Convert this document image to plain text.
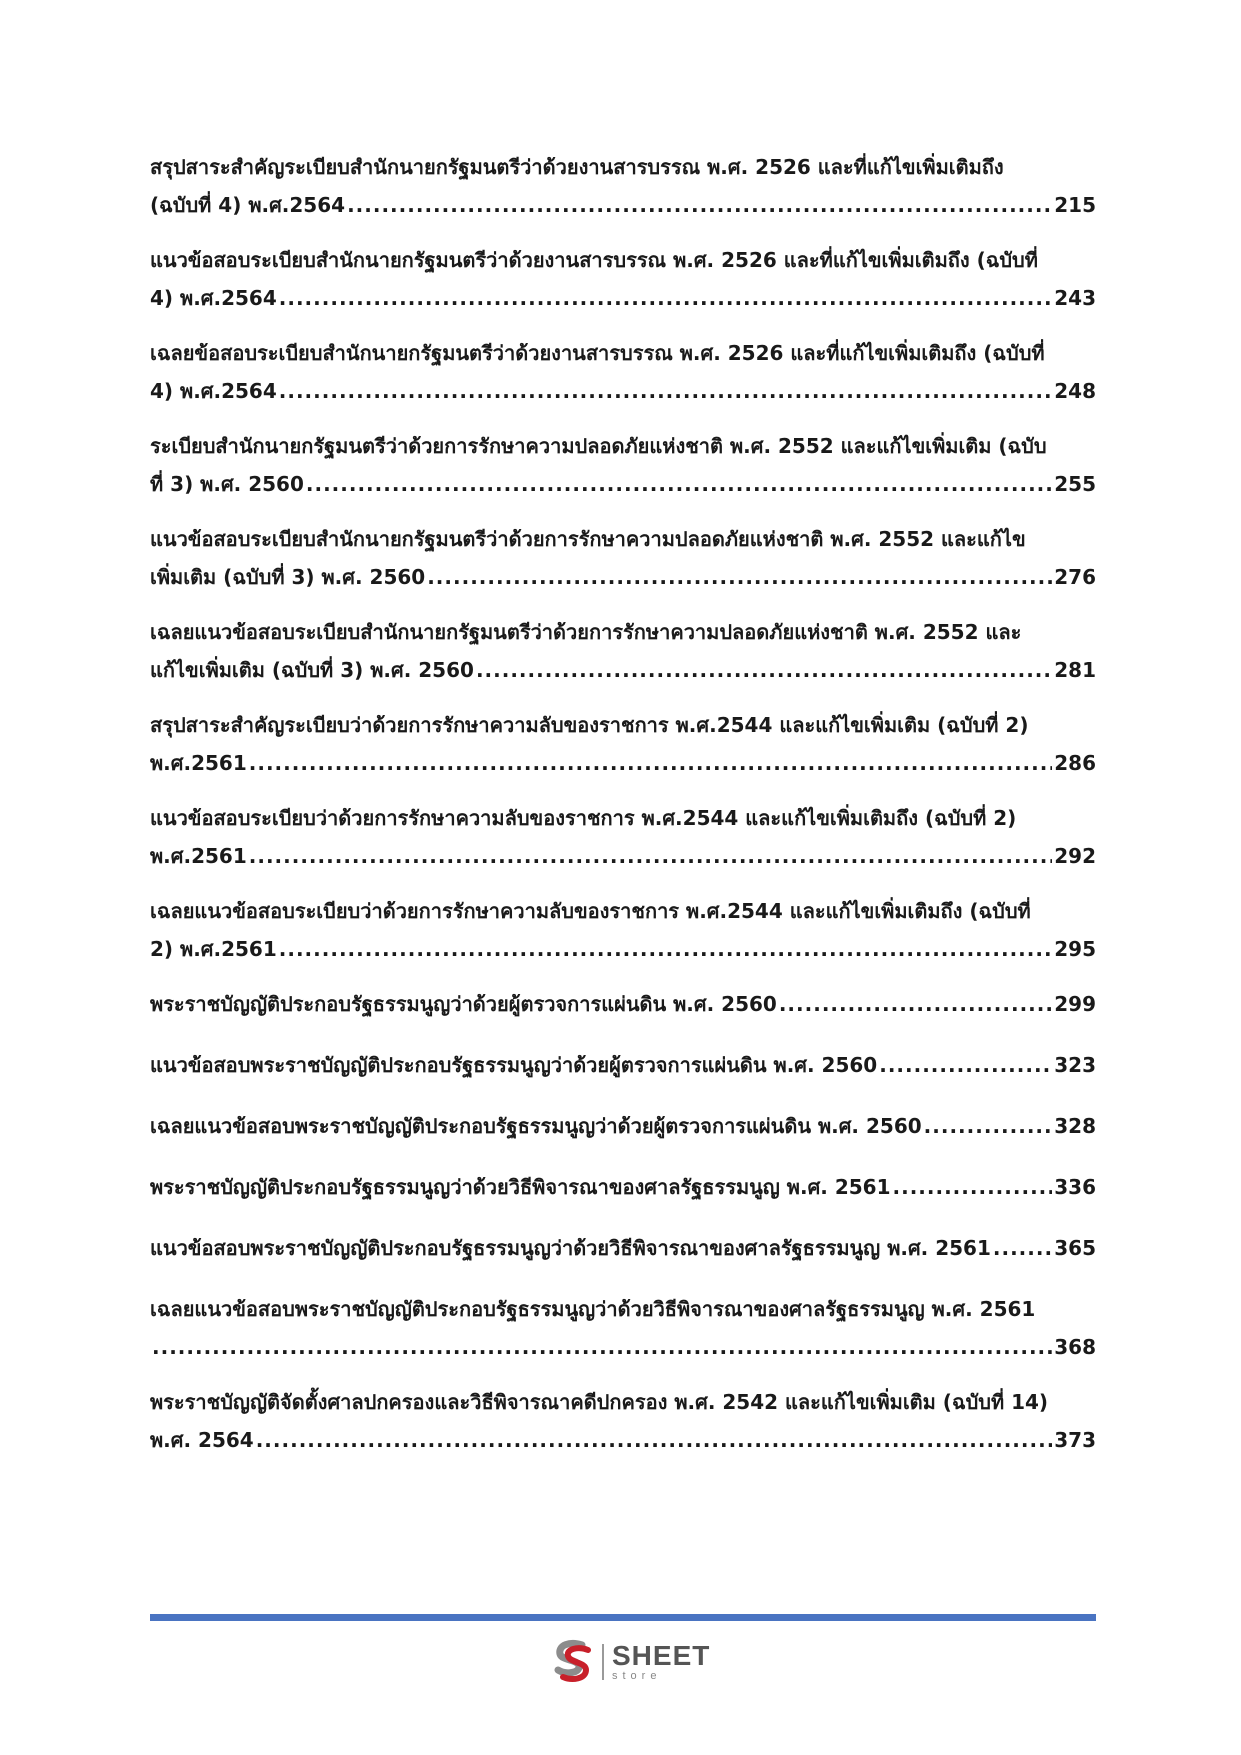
สรุปสาระสำคัญระเบียบสำนักนายกรัฐมนตรีว่าด้วยงานสารบรรณ พ.ศ. 2526 และที่แก้ไขเพิ่มเติมถึง
(ฉบับที่ 4) พ.ศ.2564 .....	215
แนวข้อสอบระเบียบสำนักนายกรัฐมนตรีว่าด้วยงานสารบรรณ พ.ศ. 2526 และที่แก้ไขเพิ่มเติมถึง (ฉบับที่
4) พ.ศ.2564 .....	243
เฉลยข้อสอบระเบียบสำนักนายกรัฐมนตรีว่าด้วยงานสารบรรณ พ.ศ. 2526 และที่แก้ไขเพิ่มเติมถึง (ฉบับที่
4) พ.ศ.2564 .....	248
ระเบียบสำนักนายกรัฐมนตรีว่าด้วยการรักษาความปลอดภัยแห่งชาติ พ.ศ. 2552 และแก้ไขเพิ่มเติม (ฉบับ
ที่ 3) พ.ศ. 2560 .....	255
แนวข้อสอบระเบียบสำนักนายกรัฐมนตรีว่าด้วยการรักษาความปลอดภัยแห่งชาติ พ.ศ. 2552 และแก้ไข
เพิ่มเติม (ฉบับที่ 3) พ.ศ. 2560 .....	276
เฉลยแนวข้อสอบระเบียบสำนักนายกรัฐมนตรีว่าด้วยการรักษาความปลอดภัยแห่งชาติ พ.ศ. 2552 และ
แก้ไขเพิ่มเติม (ฉบับที่ 3) พ.ศ. 2560 .....	281
สรุปสาระสำคัญระเบียบว่าด้วยการรักษาความลับของราชการ พ.ศ.2544 และแก้ไขเพิ่มเติม (ฉบับที่ 2)
พ.ศ.2561 .....	286
แนวข้อสอบระเบียบว่าด้วยการรักษาความลับของราชการ พ.ศ.2544 และแก้ไขเพิ่มเติมถึง (ฉบับที่ 2)
พ.ศ.2561 .....	292
เฉลยแนวข้อสอบระเบียบว่าด้วยการรักษาความลับของราชการ พ.ศ.2544 และแก้ไขเพิ่มเติมถึง (ฉบับที่
2) พ.ศ.2561 .....	295
พระราชบัญญัติประกอบรัฐธรรมนูญว่าด้วยผู้ตรวจการแผ่นดิน พ.ศ. 2560 .....	299
แนวข้อสอบพระราชบัญญัติประกอบรัฐธรรมนูญว่าด้วยผู้ตรวจการแผ่นดิน พ.ศ. 2560 .....	323
เฉลยแนวข้อสอบพระราชบัญญัติประกอบรัฐธรรมนูญว่าด้วยผู้ตรวจการแผ่นดิน พ.ศ. 2560 .....	328
พระราชบัญญัติประกอบรัฐธรรมนูญว่าด้วยวิธีพิจารณาของศาลรัฐธรรมนูญ พ.ศ. 2561 .....	336
แนวข้อสอบพระราชบัญญัติประกอบรัฐธรรมนูญว่าด้วยวิธีพิจารณาของศาลรัฐธรรมนูญ พ.ศ. 2561 .....	365
เฉลยแนวข้อสอบพระราชบัญญัติประกอบรัฐธรรมนูญว่าด้วยวิธีพิจารณาของศาลรัฐธรรมนูญ พ.ศ. 2561
.....
368
พระราชบัญญัติจัดตั้งศาลปกครองและวิธีพิจารณาคดีปกครอง พ.ศ. 2542 และแก้ไขเพิ่มเติม (ฉบับที่ 14)
พ.ศ. 2564 .....	373
SHEET
store
